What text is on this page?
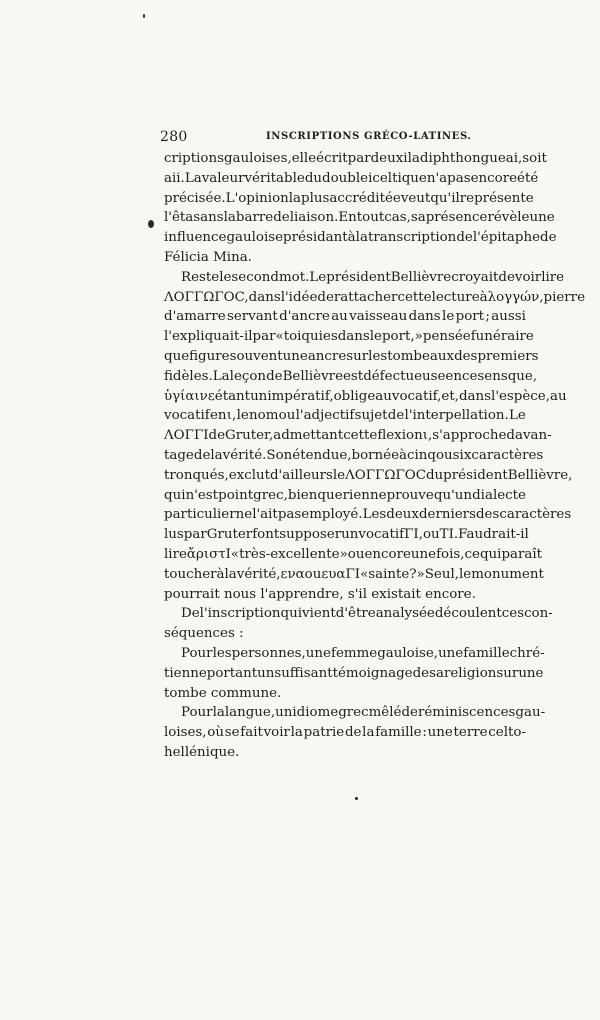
280	INSCRIPTIONS GRÉCO-LATINES.
criptions gauloises, elle écrit par deux i la diphthongue ai, soit
aii. La valeur véritable du double i celtique n'a pas encore été
précisée. L'opinion la plus accréditée veut qu'il représente
l'êta sans la barre de liaison. En tout cas, sa présence révèle une
influence gauloise présidant à la transcription de l'épitaphe de
Félicia Mina.
Reste le second mot. Le président Bellièvre croyait devoir lire
ΛΟΓΓΩΓΟC, dans l'idée de rattacher cette lecture à λογγών, pierre
d'amarre servant d'ancre au vaisseau dans le port ; aussi
l'expliquait-il par « toi qui es dans le port, » pensée funéraire
que figure souvent une ancre sur les tombeaux des premiers
fidèles. La leçon de Bellièvre est défectueuse en ce sens que,
ὑγίαινε étant un impératif, oblige au vocatif, et, dans l'espèce, au
vocatif en ι, le nom ou l'adjectif sujet de l'interpellation. Le
ΛΟΓΓΙ de Gruter, admettant cette flexion ι, s'approche davan-
tage de la vérité. Son étendue, bornée à cinq ou six caractères
tronqués, exclut d'ailleurs le ΛΟΓΓΩΓΟC du président Bellièvre,
qui n'est point grec, bien que rien ne prouve qu'un dialecte
particulier ne l'ait pas employé. Les deux derniers des caractères
lus par Gruter font supposer un vocatif ΓΙ, ou ΤΙ. Faudrait-il
lire ἄριστΙ « très-excellente » ou encore une fois, ce qui paraît
toucher à la vérité, ενα ou ευαΓΙ « sainte ? » Seul, le monument
pourrait nous l'apprendre, s'il existait encore.
De l'inscription qui vient d'être analysée découlent ces con-
séquences :
Pour les personnes, une femme gauloise, une famille chré-
tienne portant un suffisant témoignage de sa religion sur une
tombe commune.
Pour la langue, un idiome grec mêlé de réminiscences gau-
loises, où se fait voir la patrie de la famille : une terre celto-
hellénique.
